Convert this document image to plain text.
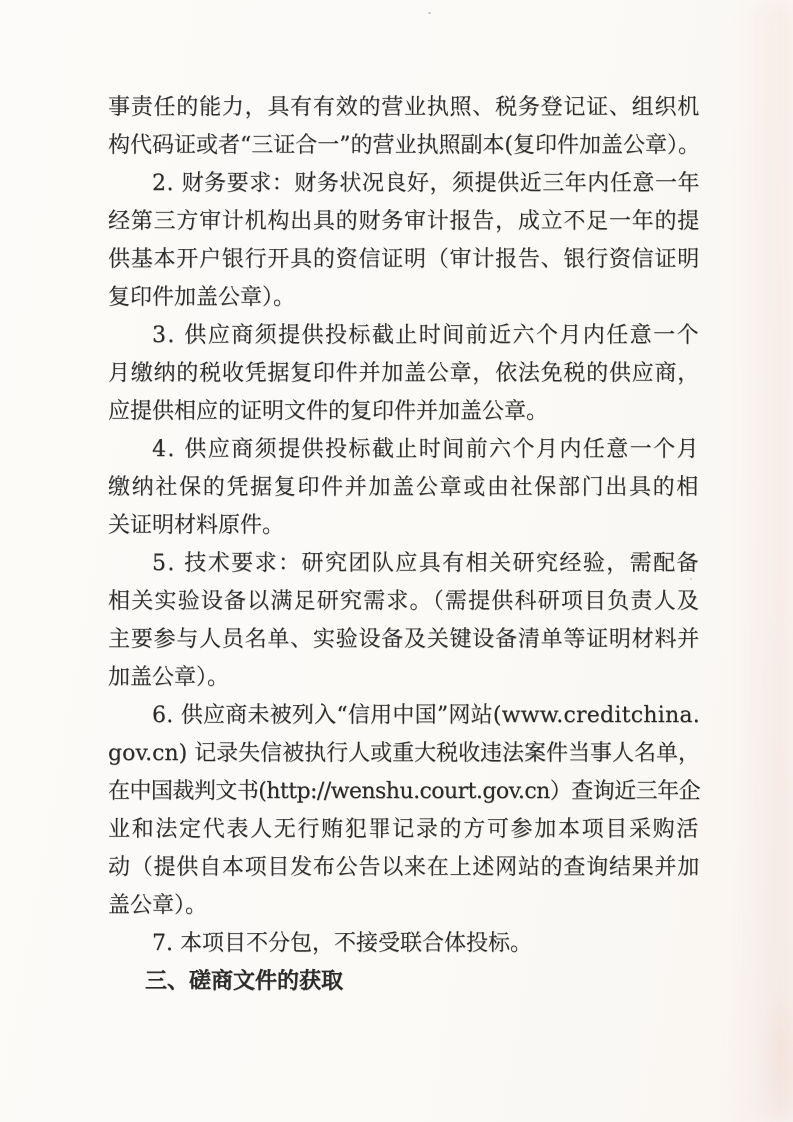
事责任的能力，具有有效的营业执照、税务登记证、组织机
构代码证或者“三证合一”的营业执照副本(复印件加盖公章）。

2. 财务要求：财务状况良好，须提供近三年内任意一年
经第三方审计机构出具的财务审计报告，成立不足一年的提
供基本开户银行开具的资信证明（审计报告、银行资信证明
复印件加盖公章）。

3. 供应商须提供投标截止时间前近六个月内任意一个
月缴纳的税收凭据复印件并加盖公章，依法免税的供应商，
应提供相应的证明文件的复印件并加盖公章。

4. 供应商须提供投标截止时间前六个月内任意一个月
缴纳社保的凭据复印件并加盖公章或由社保部门出具的相
关证明材料原件。

5. 技术要求：研究团队应具有相关研究经验，需配备
相关实验设备以满足研究需求。（需提供科研项目负责人及
主要参与人员名单、实验设备及关键设备清单等证明材料并
加盖公章）。

6. 供应商未被列入“信用中国”网站(www.creditchina.
gov.cn) 记录失信被执行人或重大税收违法案件当事人名单，
在中国裁判文书(http://wenshu.court.gov.cn）查询近三年企
业和法定代表人无行贿犯罪记录的方可参加本项目采购活
动（提供自本项目发布公告以来在上述网站的查询结果并加
盖公章）。

7. 本项目不分包，不接受联合体投标。

三、磋商文件的获取
